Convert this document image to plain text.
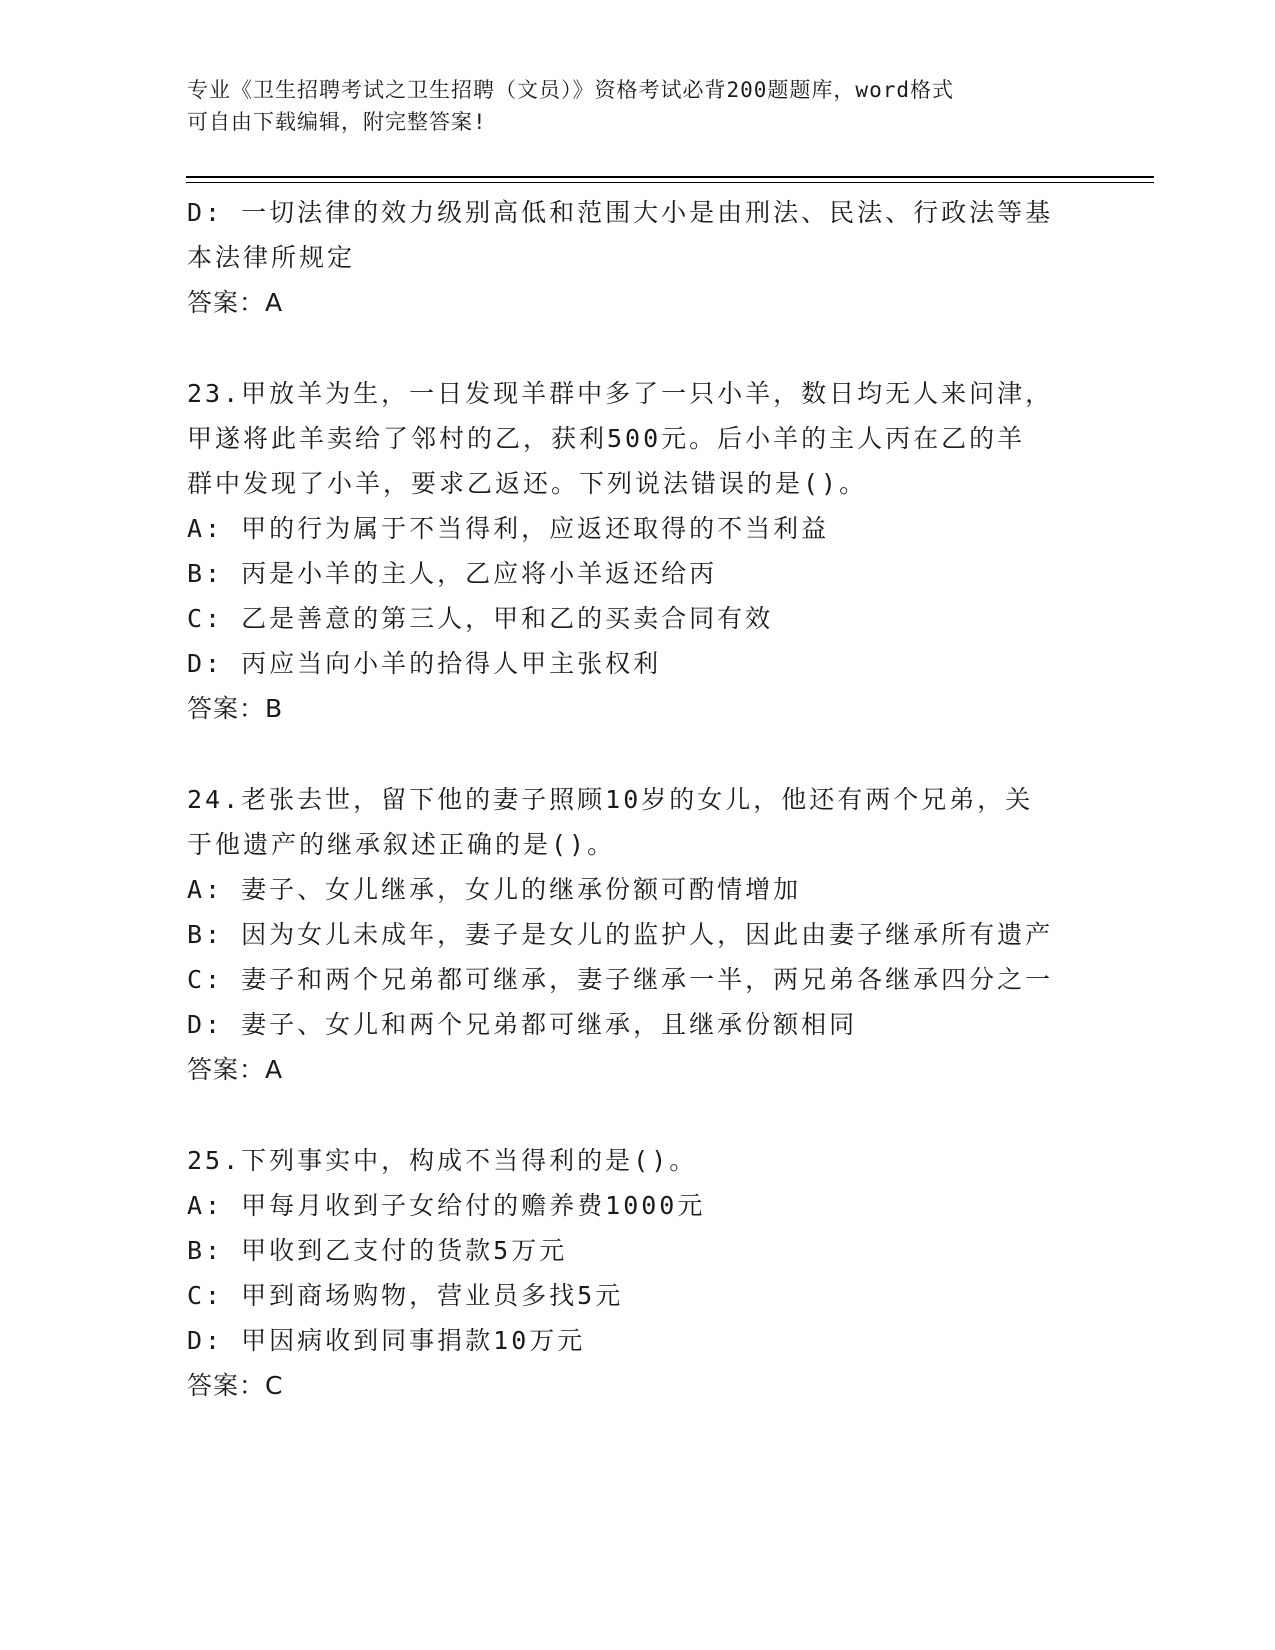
专业《卫生招聘考试之卫生招聘（文员）》资格考试必背200题题库，word格式
可自由下载编辑，附完整答案!
D: 一切法律的效力级别高低和范围大小是由刑法、民法、行政法等基
本法律所规定
答案：A
23.甲放羊为生，一日发现羊群中多了一只小羊，数日均无人来问津，
甲遂将此羊卖给了邻村的乙，获利500元。后小羊的主人丙在乙的羊
群中发现了小羊，要求乙返还。下列说法错误的是()。
A: 甲的行为属于不当得利，应返还取得的不当利益
B: 丙是小羊的主人，乙应将小羊返还给丙
C: 乙是善意的第三人，甲和乙的买卖合同有效
D: 丙应当向小羊的拾得人甲主张权利
答案：B
24.老张去世，留下他的妻子照顾10岁的女儿，他还有两个兄弟，关
于他遗产的继承叙述正确的是()。
A: 妻子、女儿继承，女儿的继承份额可酌情增加
B: 因为女儿未成年，妻子是女儿的监护人，因此由妻子继承所有遗产
C: 妻子和两个兄弟都可继承，妻子继承一半，两兄弟各继承四分之一
D: 妻子、女儿和两个兄弟都可继承，且继承份额相同
答案：A
25.下列事实中，构成不当得利的是()。
A: 甲每月收到子女给付的赡养费1000元
B: 甲收到乙支付的货款5万元
C: 甲到商场购物，营业员多找5元
D: 甲因病收到同事捐款10万元
答案：C
